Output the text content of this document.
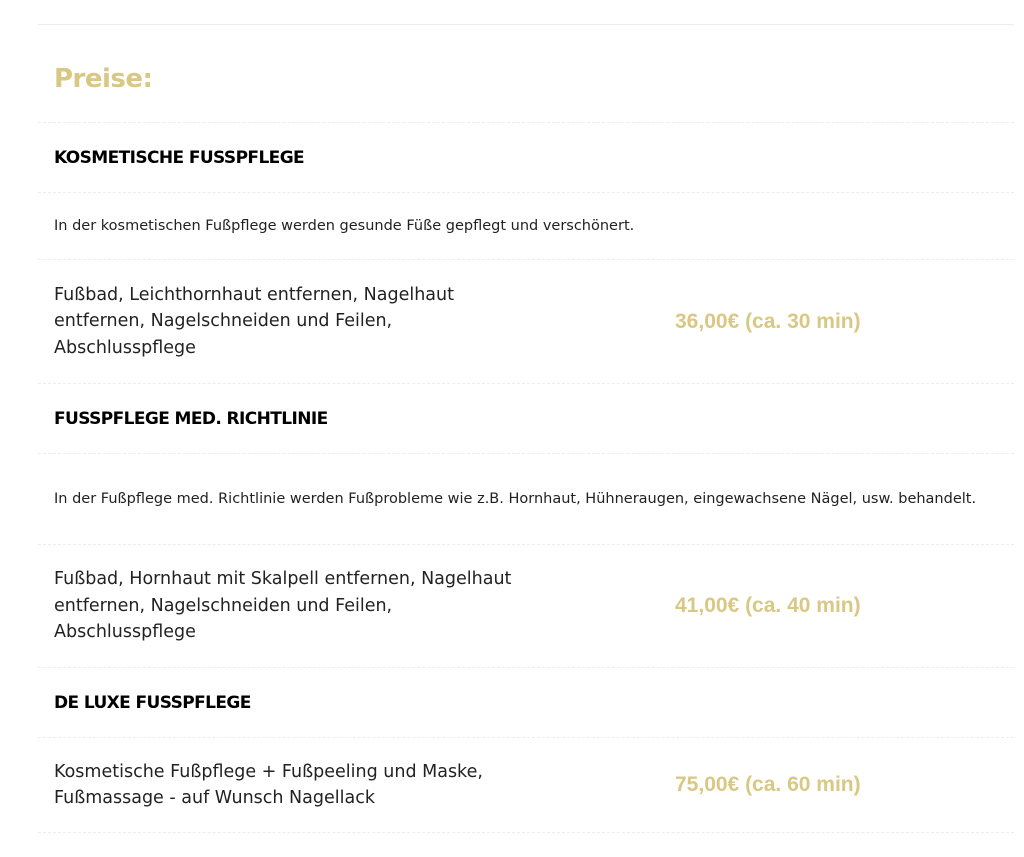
Preise:
KOSMETISCHE FUSSPFLEGE
In der kosmetischen Fußpflege werden gesunde Füße gepflegt und verschönert.
Fußbad, Leichthornhaut entfernen, Nagelhaut entfernen, Nagelschneiden und Feilen, Abschlusspflege
36,00€ (ca. 30 min)
FUSSPFLEGE MED. RICHTLINIE
In der Fußpflege med. Richtlinie werden Fußprobleme wie z.B. Hornhaut, Hühneraugen, eingewachsene Nägel, usw. behandelt.
Fußbad, Hornhaut mit Skalpell entfernen, Nagelhaut entfernen, Nagelschneiden und Feilen, Abschlusspflege
41,00€ (ca. 40 min)
DE LUXE FUSSPFLEGE
Kosmetische Fußpflege + Fußpeeling und Maske, Fußmassage - auf Wunsch Nagellack
75,00€ (ca. 60 min)
